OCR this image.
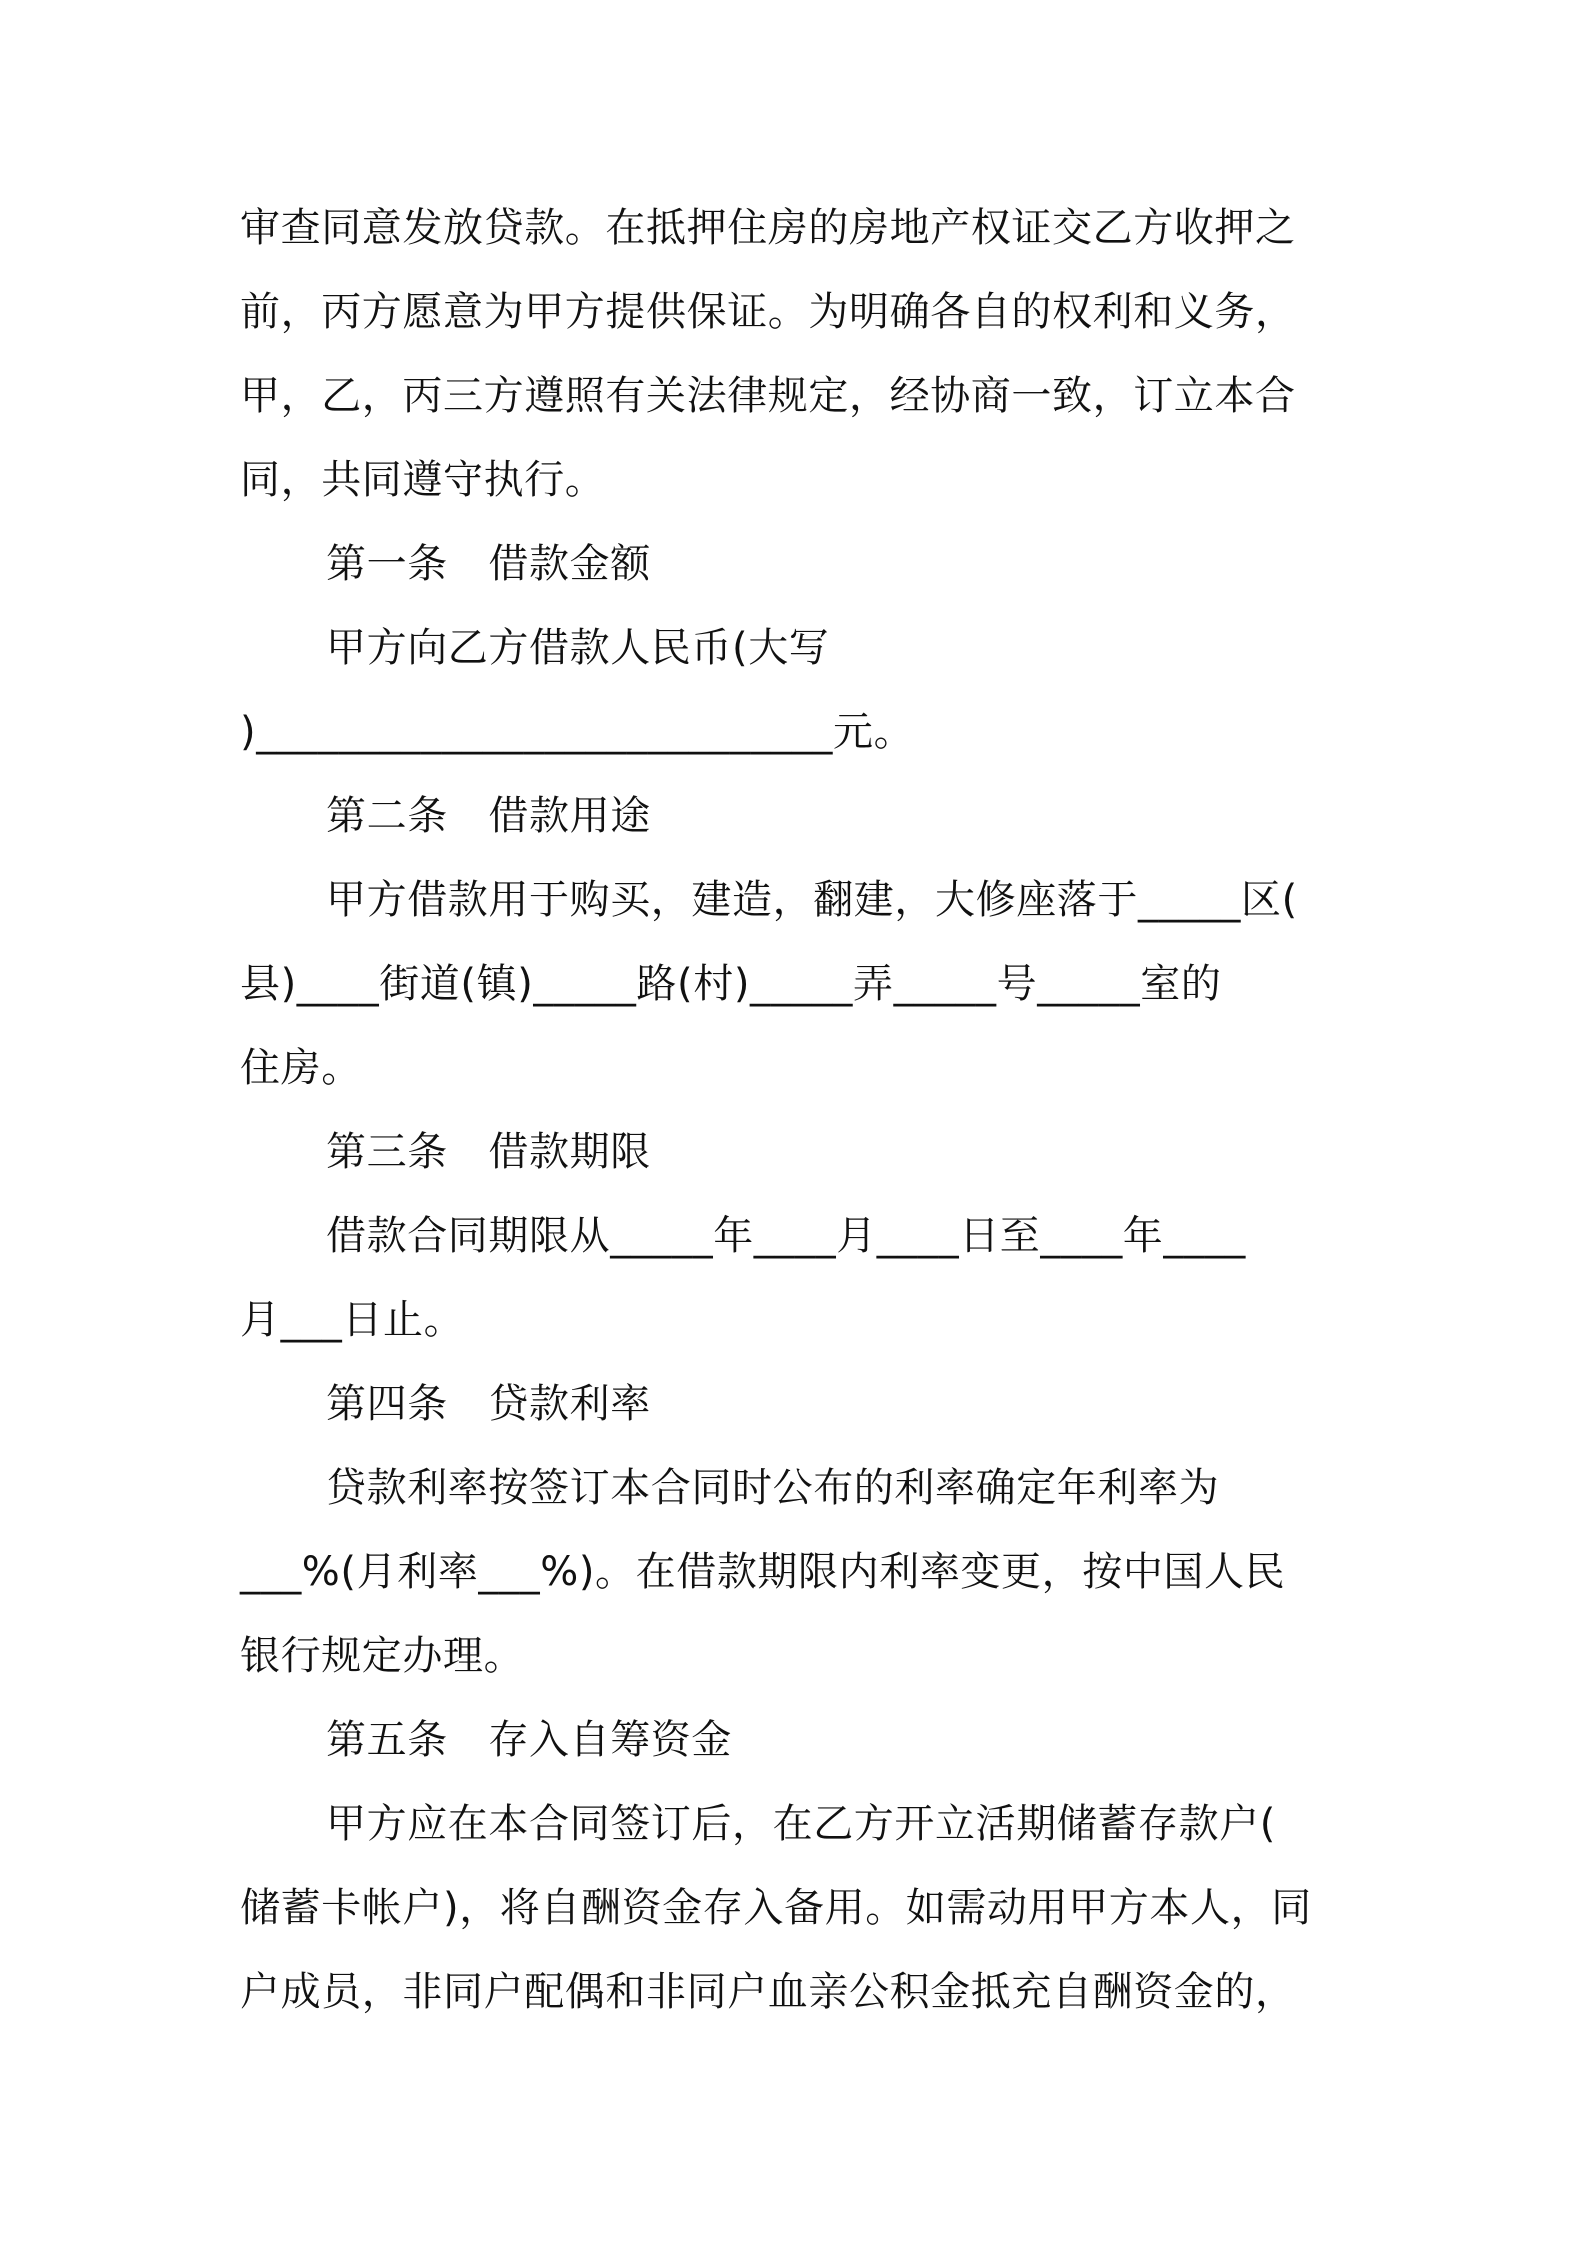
审查同意发放贷款。在抵押住房的房地产权证交乙方收押之
前，丙方愿意为甲方提供保证。为明确各自的权利和义务，
甲，乙，丙三方遵照有关法律规定，经协商一致，订立本合
同，共同遵守执行。
第一条　借款金额
甲方向乙方借款人民币(大写
)____________________________元。
第二条　借款用途
甲方借款用于购买，建造，翻建，大修座落于_____区(
县)____街道(镇)_____路(村)_____弄_____号_____室的
住房。
第三条　借款期限
借款合同期限从_____年____月____日至____年____
月___日止。
第四条　贷款利率
贷款利率按签订本合同时公布的利率确定年利率为
___%(月利率___%)。在借款期限内利率变更，按中国人民
银行规定办理。
第五条　存入自筹资金
甲方应在本合同签订后，在乙方开立活期储蓄存款户(
储蓄卡帐户)，将自酬资金存入备用。如需动用甲方本人，同
户成员，非同户配偶和非同户血亲公积金抵充自酬资金的，
